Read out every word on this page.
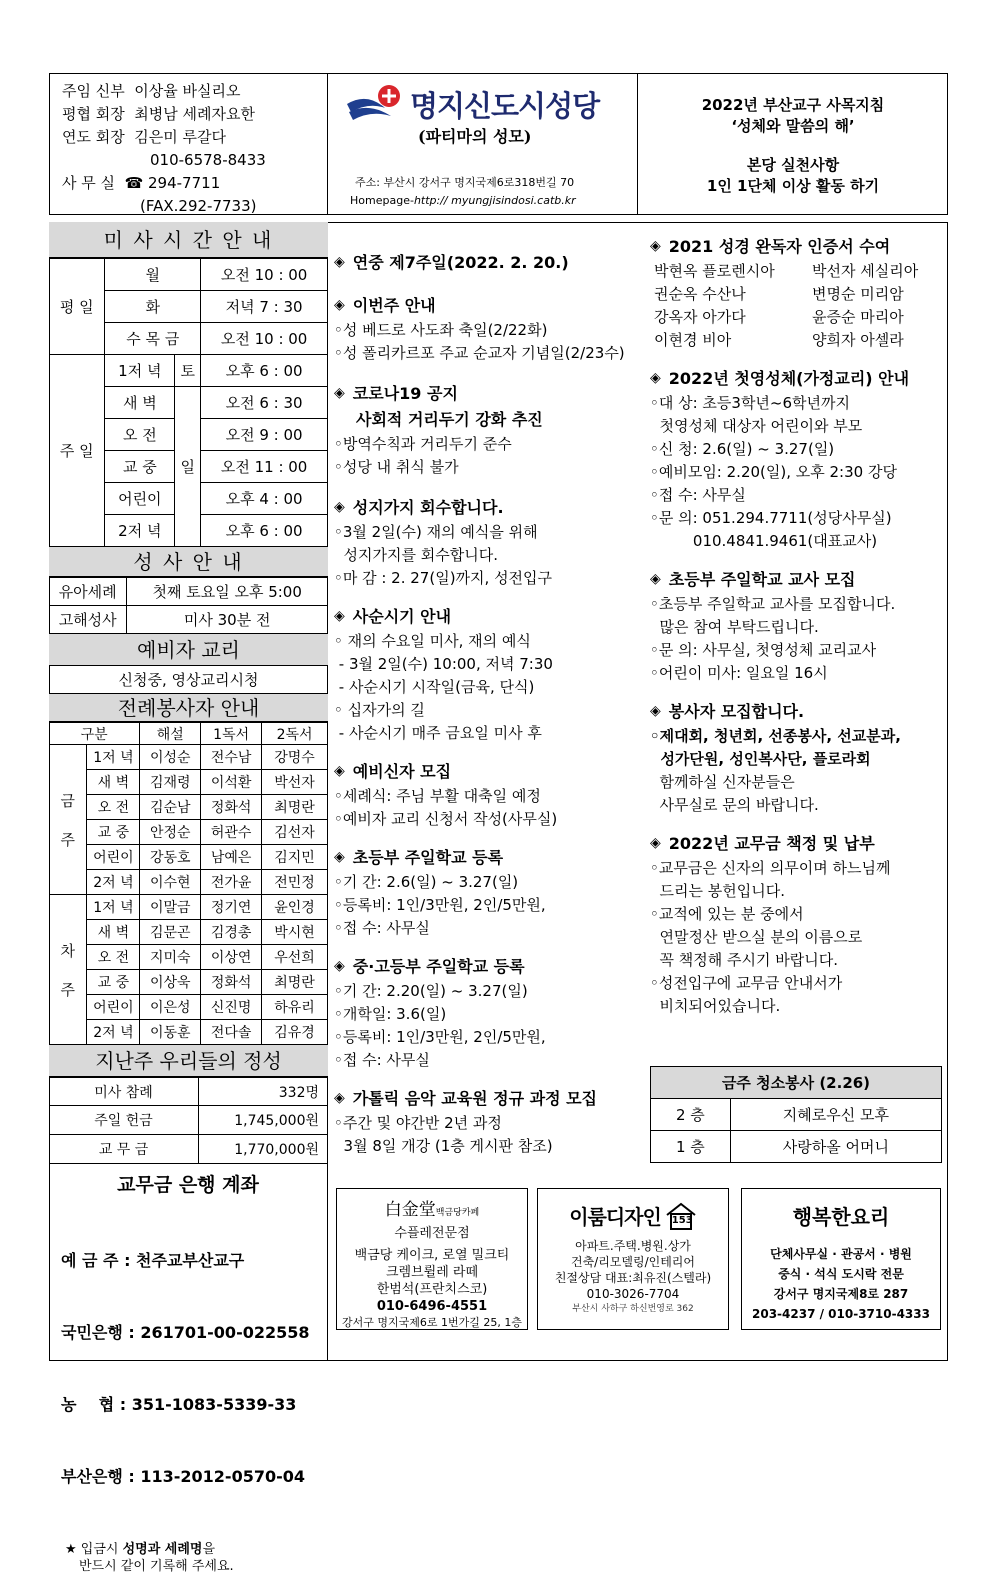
주임 신부 이상율 바실리오
평협 회장 최병남 세례자요한
연도 회장 김은미 루갈다
010-6578-8433
사 무 실 ☎ 294-7711
(FAX.292-7733)
명지신도시성당
(파티마의 성모)
주소: 부산시 강서구 명지국제6로318번길 70
Homepage-http:// myungjisindosi.catb.kr
2022년 부산교구 사목지침
‘성체와 말씀의 해’
본당 실천사항
1인 1단체 이상 활동 하기
미 사 시 간 안 내
평 일	월		오전 10 : 00
	화		저녁 7 : 30
	수 목 금		오전 10 : 00
주 일	1저 녁	토	오후 6 : 00
	새 벽	일	오전 6 : 30
	오 전		오전 9 : 00
	교 중		오전 11 : 00
	어린이		오후 4 : 00
	2저 녁		오후 6 : 00
성 사 안 내
유아세례	첫째 토요일 오후 5:00
고해성사	미사 30분 전
예비자 교리
신청중, 영상교리시청
전례봉사자 안내
구분		해설	1독서	2독서
금

주	1저 녁	이성순	전수남	강명수
	새 벽	김재령	이석환	박선자
	오 전	김순남	정화석	최명란
	교 중	안정순	허관수	김선자
	어린이	강동호	남예은	김지민
	2저 녁	이수현	전가윤	전민정
차

주	1저 녁	이말금	정기연	윤인경
	새 벽	김문곤	김경총	박시현
	오 전	지미숙	이상연	우선희
	교 중	이상욱	정화석	최명란
	어린이	이은성	신진명	하유리
	2저 녁	이동훈	전다솔	김유경
지난주 우리들의 정성
미사 참례	332명
주일 헌금	1,745,000원
교 무 금	1,770,000원
교무금 은행 계좌

예 금 주 : 천주교부산교구

국민은행 : 261701-00-022558

농    협 : 351-1083-5339-33

부산은행 : 113-2012-0570-04

★ 입금시 성명과 세례명을
반드시 같이 기록해 주세요.
◈ 연중 제7주일(2022. 2. 20.)
◈ 이번주 안내
◦성 베드로 사도좌 축일(2/22화)
◦성 폴리카르포 주교 순교자 기념일(2/23수)
◈ 코로나19 공지
사회적 거리두기 강화 추진
◦방역수칙과 거리두기 준수
◦성당 내 취식 불가
◈ 성지가지 회수합니다.
◦3월 2일(수) 재의 예식을 위해
성지가지를 회수합니다.
◦마 감 : 2. 27(일)까지, 성전입구
◈ 사순시기 안내
◦ 재의 수요일 미사, 재의 예식
- 3월 2일(수) 10:00, 저녁 7:30
- 사순시기 시작일(금육, 단식)
◦ 십자가의 길
- 사순시기 매주 금요일 미사 후
◈ 예비신자 모집
◦세례식: 주님 부활 대축일 예정
◦예비자 교리 신청서 작성(사무실)
◈ 초등부 주일학교 등록
◦기 간: 2.6(일) ~ 3.27(일)
◦등록비: 1인/3만원, 2인/5만원,
◦접 수: 사무실
◈ 중·고등부 주일학교 등록
◦기 간: 2.20(일) ~ 3.27(일)
◦개학일: 3.6(일)
◦등록비: 1인/3만원, 2인/5만원,
◦접 수: 사무실
◈ 가톨릭 음악 교육원 정규 과정 모집
◦주간 및 야간반 2년 과정
3월 8일 개강 (1층 게시판 참조)
◈ 2021 성경 완독자 인증서 수여
박현옥 플로렌시아	박선자 세실리아
권순옥 수산나	변명순 미리암
강옥자 아가다	윤증순 마리아
이현경 비아	양희자 아셀라
◈ 2022년 첫영성체(가정교리) 안내
◦대 상: 초등3학년~6학년까지
첫영성체 대상자 어린이와 부모
◦신 청: 2.6(일) ~ 3.27(일)
◦예비모임: 2.20(일), 오후 2:30 강당
◦접 수: 사무실
◦문 의: 051.294.7711(성당사무실)
010.4841.9461(대표교사)
◈ 초등부 주일학교 교사 모집
◦초등부 주일학교 교사를 모집합니다.
많은 참여 부탁드립니다.
◦문 의: 사무실, 첫영성체 교리교사
◦어린이 미사: 일요일 16시
◈ 봉사자 모집합니다.
◦제대회, 청년회, 선종봉사, 선교분과,
성가단원, 성인복사단, 플로라회
함께하실 신자분들은
사무실로 문의 바랍니다.
◈ 2022년 교무금 책정 및 납부
◦교무금은 신자의 의무이며 하느님께
드리는 봉헌입니다.
◦교적에 있는 분 중에서
연말정산 받으실 분의 이름으로
꼭 책정해 주시기 바랍니다.
◦성전입구에 교무금 안내서가
비치되어있습니다.
금주 청소봉사 (2.26)	
2 층	지혜로우신 모후
1 층	사랑하올 어머니
白金堂백금당카페
수플레전문점
백금당 케이크, 로열 밀크티
크렘브륄레 라떼
한범석(프란치스코)
010-6496-4551
강서구 명지국제6로 1번가길 25, 1층
이룸디자인 153
아파트.주택.병원.상가
건축/리모델링/인테리어
친절상담 대표:최유진(스텔라)
010-3026-7704
부산시 사하구 하신번영로 362
행복한요리
단체사무실 · 관공서 · 병원
중식 · 석식 도시락 전문
강서구 명지국제8로 287
203-4237 / 010-3710-4333
